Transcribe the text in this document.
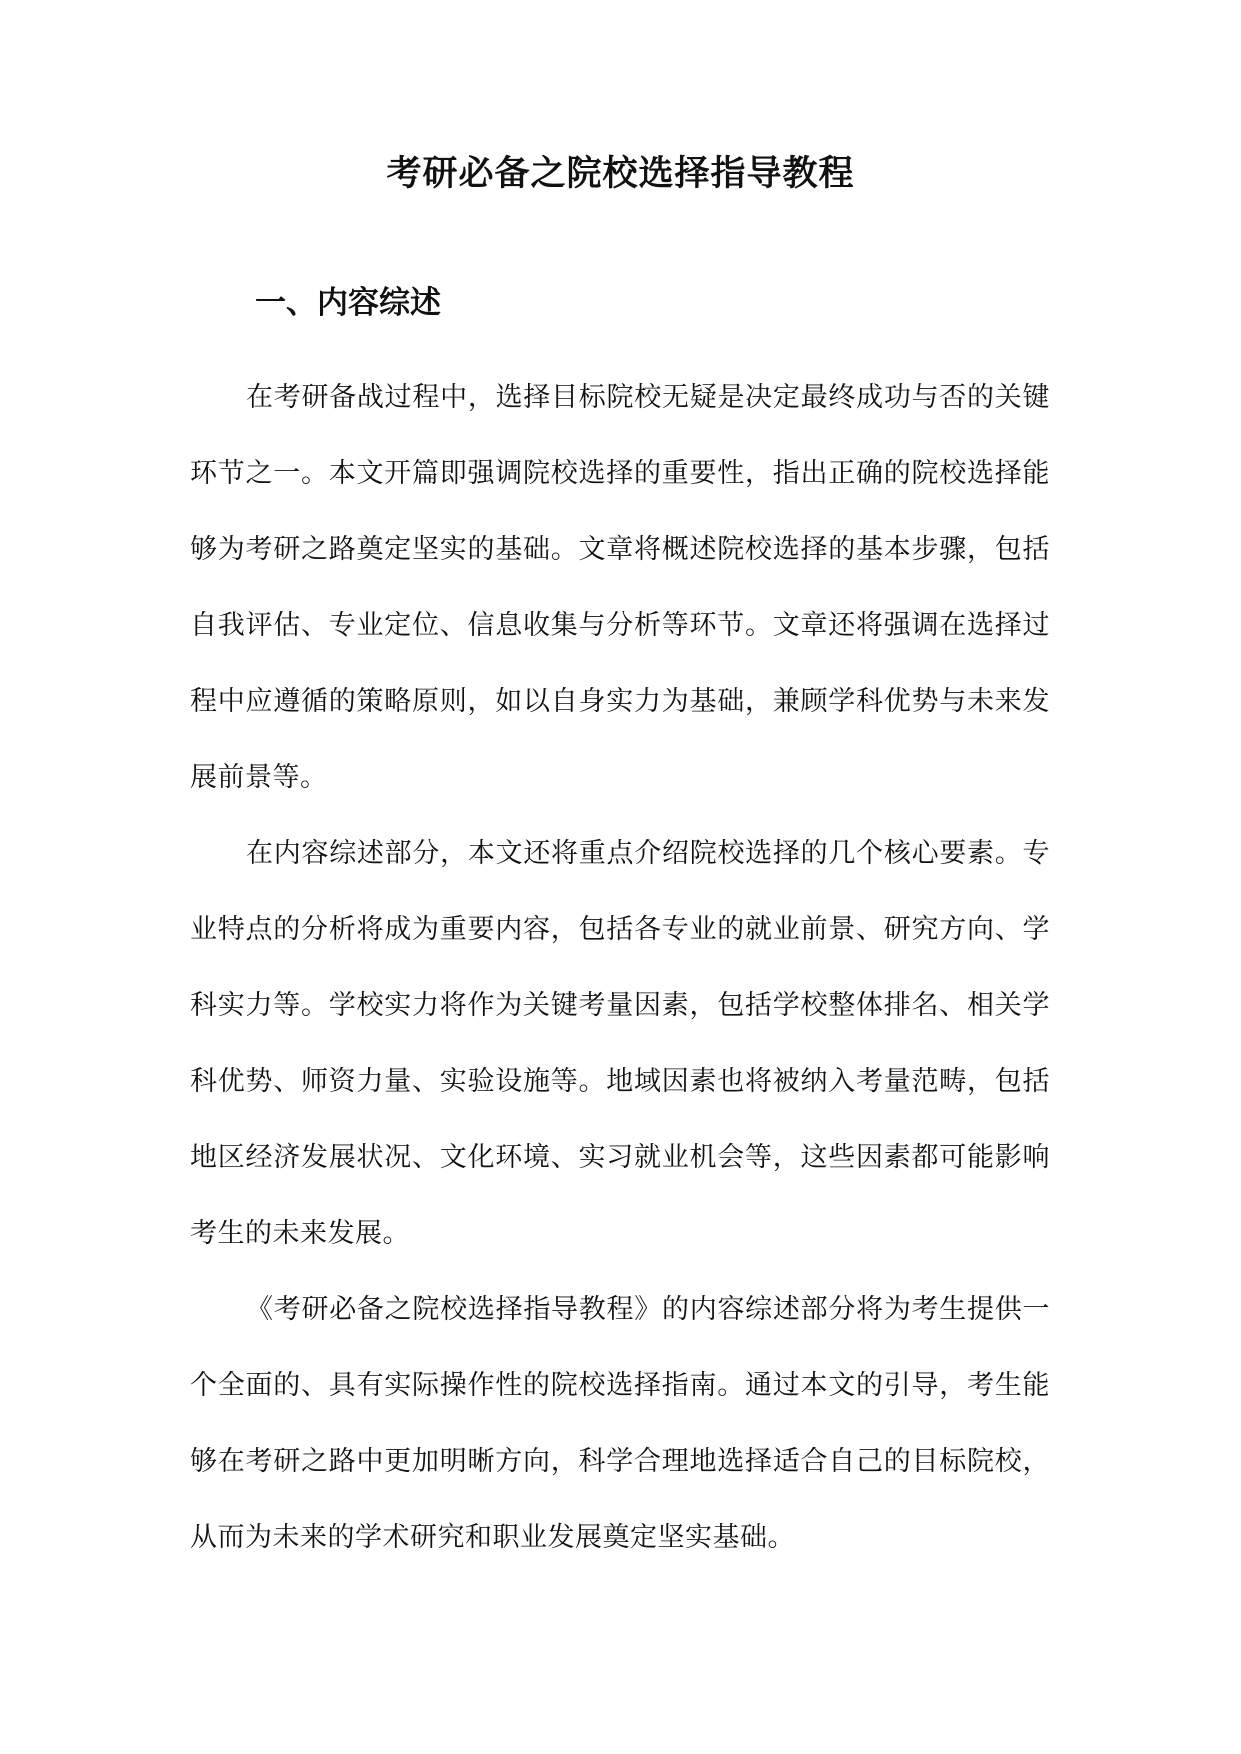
考研必备之院校选择指导教程
一、内容综述

在考研备战过程中，选择目标院校无疑是决定最终成功与否的关键环节之一。本文开篇即强调院校选择的重要性，指出正确的院校选择能够为考研之路奠定坚实的基础。文章将概述院校选择的基本步骤，包括自我评估、专业定位、信息收集与分析等环节。文章还将强调在选择过程中应遵循的策略原则，如以自身实力为基础，兼顾学科优势与未来发展前景等。

在内容综述部分，本文还将重点介绍院校选择的几个核心要素。专业特点的分析将成为重要内容，包括各专业的就业前景、研究方向、学科实力等。学校实力将作为关键考量因素，包括学校整体排名、相关学科优势、师资力量、实验设施等。地域因素也将被纳入考量范畴，包括地区经济发展状况、文化环境、实习就业机会等，这些因素都可能影响考生的未来发展。

《考研必备之院校选择指导教程》的内容综述部分将为考生提供一个全面的、具有实际操作性的院校选择指南。通过本文的引导，考生能够在考研之路中更加明晰方向，科学合理地选择适合自己的目标院校，从而为未来的学术研究和职业发展奠定坚实基础。
